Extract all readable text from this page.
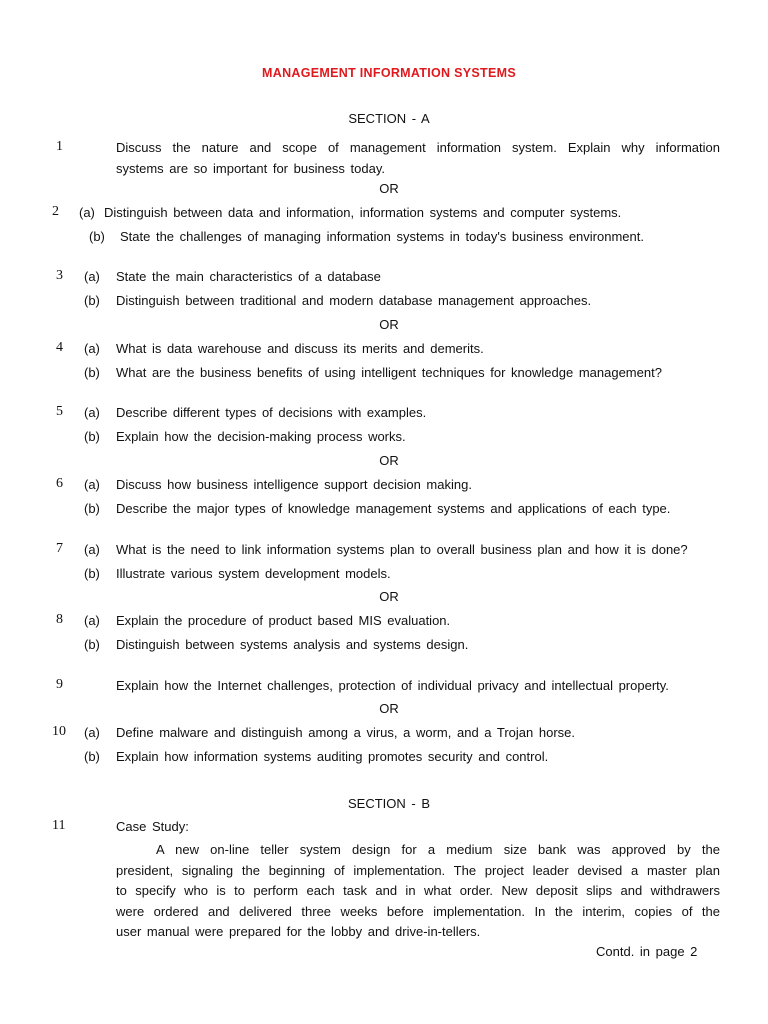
MANAGEMENT INFORMATION SYSTEMS
SECTION - A
1	Discuss the nature and scope of management information system. Explain why information
systems are so important for business today.
OR
2 (a) Distinguish between data and information, information systems and computer systems.
(b) State the challenges of managing information systems in today's business environment.
3 (a) State the main characteristics of a database
(b) Distinguish between traditional and modern database management approaches.
OR
4 (a) What is data warehouse and discuss its merits and demerits.
(b) What are the business benefits of using intelligent techniques for knowledge management?
5 (a) Describe different types of decisions with examples.
(b) Explain how the decision-making process works.
OR
6 (a) Discuss how business intelligence support decision making.
(b) Describe the major types of knowledge management systems and applications of each type.
7 (a) What is the need to link information systems plan to overall business plan and how it is done?
(b) Illustrate various system development models.
OR
8 (a) Explain the procedure of product based MIS evaluation.
(b) Distinguish between systems analysis and systems design.
9	Explain how the Internet challenges, protection of individual privacy and intellectual property.
OR
10 (a) Define malware and distinguish among a virus, a worm, and a Trojan horse.
(b) Explain how information systems auditing promotes security and control.
SECTION - B
11	Case Study:
A new on-line teller system design for a medium size bank was approved by the
president, signaling the beginning of implementation. The project leader devised a master plan
to specify who is to perform each task and in what order. New deposit slips and withdrawers
were ordered and delivered three weeks before implementation. In the interim, copies of the
user manual were prepared for the lobby and drive-in-tellers.
Contd. in page 2
